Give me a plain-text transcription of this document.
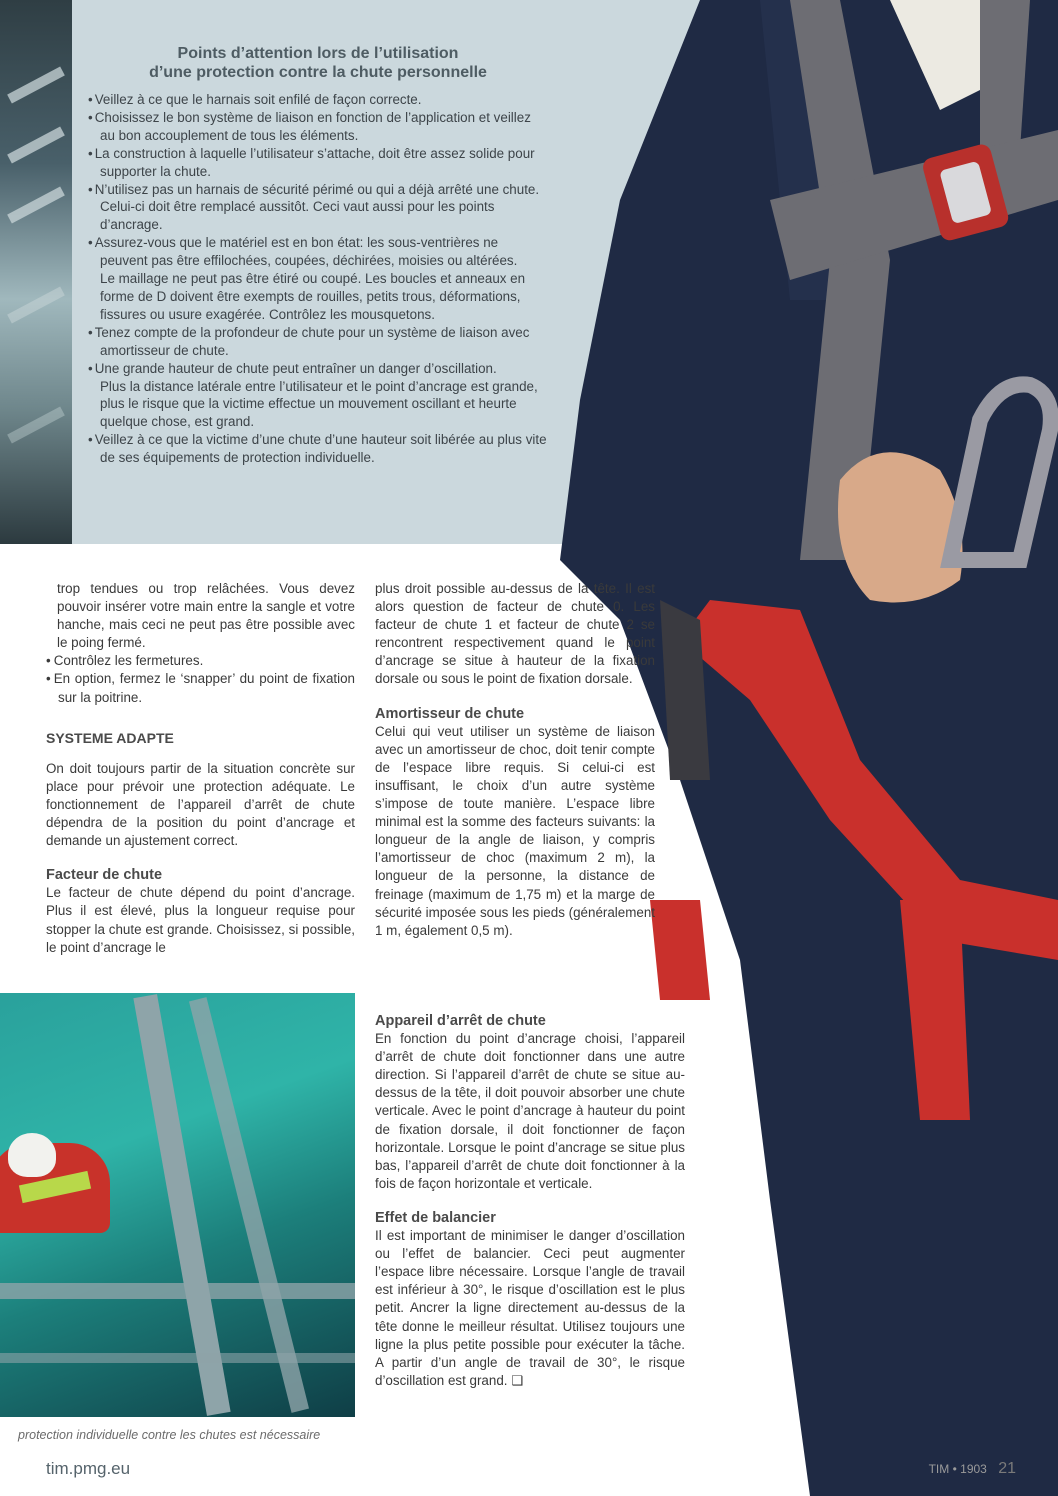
Points d’attention lors de l’utilisation
d’une protection contre la chute personnelle
• Veillez à ce que le harnais soit enfilé de façon correcte.
• Choisissez le bon système de liaison en fonction de l’application et veillez au bon accouplement de tous les éléments.
• La construction à laquelle l’utilisateur s’attache, doit être assez solide pour supporter la chute.
• N’utilisez pas un harnais de sécurité périmé ou qui a déjà arrêté une chute. Celui-ci doit être remplacé aussitôt. Ceci vaut aussi pour les points d’ancrage.
• Assurez-vous que le matériel est en bon état: les sous-ventrières ne peuvent pas être effilochées, coupées, déchirées, moisies ou altérées.
Le maillage ne peut pas être étiré ou coupé. Les boucles et anneaux en forme de D doivent être exempts de rouilles, petits trous, déformations, fissures ou usure exagérée. Contrôlez les mousquetons.
• Tenez compte de la profondeur de chute pour un système de liaison avec amortisseur de chute.
• Une grande hauteur de chute peut entraîner un danger d’oscillation.
Plus la distance latérale entre l’utilisateur et le point d’ancrage est grande, plus le risque que la victime effectue un mouvement oscillant et heurte quelque chose, est grand.
• Veillez à ce que la victime d’une chute d’une hauteur soit libérée au plus vite de ses équipements de protection individuelle.

trop tendues ou trop relâchées. Vous devez pouvoir insérer votre main entre la sangle et votre hanche, mais ceci ne peut pas être possible avec le poing fermé.

• Contrôlez les fermetures.
• En option, fermez le ‘snapper’ du point de fixation sur la poitrine.

SYSTEME ADAPTE

On doit toujours partir de la situation concrète sur place pour prévoir une protection adéquate. Le fonctionnement de l’appareil d’arrêt de chute dépendra de la position du point d’ancrage et demande un ajustement correct.

Facteur de chute

Le facteur de chute dépend du point d’ancrage. Plus il est élevé, plus la longueur requise pour stopper la chute est grande. Choisissez, si possible, le point d’ancrage le

plus droit possible au-dessus de la tête. Il est alors question de facteur de chute 0. Les facteur de chute 1 et facteur de chute 2 se rencontrent respectivement quand le point d’ancrage se situe à hauteur de la fixation dorsale ou sous le point de fixation dorsale.

Amortisseur de chute

Celui qui veut utiliser un système de liaison avec un amortisseur de choc, doit tenir compte de l’espace libre requis. Si celui-ci est insuffisant, le choix d’un autre système s’impose de toute manière. L’espace libre minimal est la somme des facteurs suivants: la longueur de la angle de liaison, y compris l’amortisseur de choc (maximum 2 m), la longueur de la personne, la distance de freinage (maximum de 1,75 m) et la marge de sécurité imposée sous les pieds (généralement 1 m, également 0,5 m).

Appareil d’arrêt de chute

En fonction du point d’ancrage choisi, l’appareil d’arrêt de chute doit fonctionner dans une autre direction. Si l’appareil d’arrêt de chute se situe au-dessus de la tête, il doit pouvoir absorber une chute verticale. Avec le point d’ancrage à hauteur du point de fixation dorsale, il doit fonctionner de façon horizontale. Lorsque le point d’ancrage se situe plus bas, l’appareil d’arrêt de chute doit fonctionner à la fois de façon horizontale et verticale.

Effet de balancier

Il est important de minimiser le danger d’oscillation ou l’effet de balancier. Ceci peut augmenter l’espace libre nécessaire. Lorsque l’angle de travail est inférieur à 30°, le risque d’oscillation est le plus petit. Ancrer la ligne directement au-dessus de la tête donne le meilleur résultat. Utilisez toujours une ligne la plus petite possible pour exécuter la tâche. A partir d’un angle de travail de 30°, le risque d’oscillation est grand. ❑

protection individuelle contre les chutes est nécessaire
tim.pmg.eu	TIM • 1903 21
